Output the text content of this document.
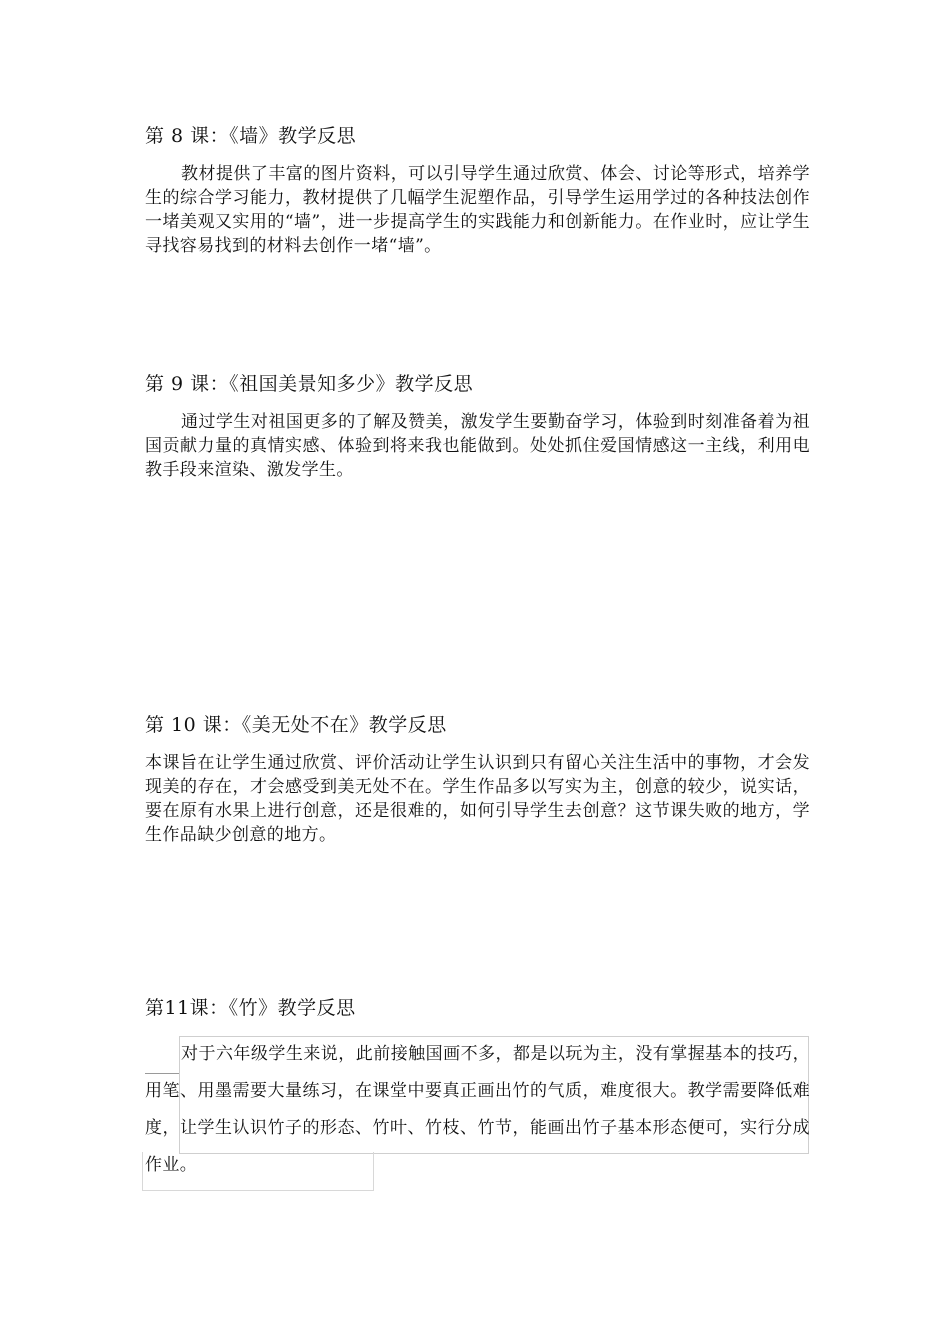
第 8 课：《墙》教学反思

教材提供了丰富的图片资料，可以引导学生通过欣赏、体会、讨论等形式，培养学生的综合学习能力，教材提供了几幅学生泥塑作品，引导学生运用学过的各种技法创作一堵美观又实用的“墙”，进一步提高学生的实践能力和创新能力。在作业时，应让学生寻找容易找到的材料去创作一堵“墙”。

第 9 课：《祖国美景知多少》教学反思

通过学生对祖国更多的了解及赞美，激发学生要勤奋学习，体验到时刻准备着为祖国贡献力量的真情实感、体验到将来我也能做到。处处抓住爱国情感这一主线，利用电教手段来渲染、激发学生。

第 10 课：《美无处不在》教学反思

本课旨在让学生通过欣赏、评价活动让学生认识到只有留心关注生活中的事物，才会发现美的存在，才会感受到美无处不在。学生作品多以写实为主，创意的较少，说实话，要在原有水果上进行创意，还是很难的，如何引导学生去创意？这节课失败的地方，学生作品缺少创意的地方。

第11课：《竹》教学反思

对于六年级学生来说，此前接触国画不多，都是以玩为主，没有掌握基本的技巧，用笔、用墨需要大量练习，在课堂中要真正画出竹的气质，难度很大。教学需要降低难度，让学生认识竹子的形态、竹叶、竹枝、竹节，能画出竹子基本形态便可，实行分成作业。
